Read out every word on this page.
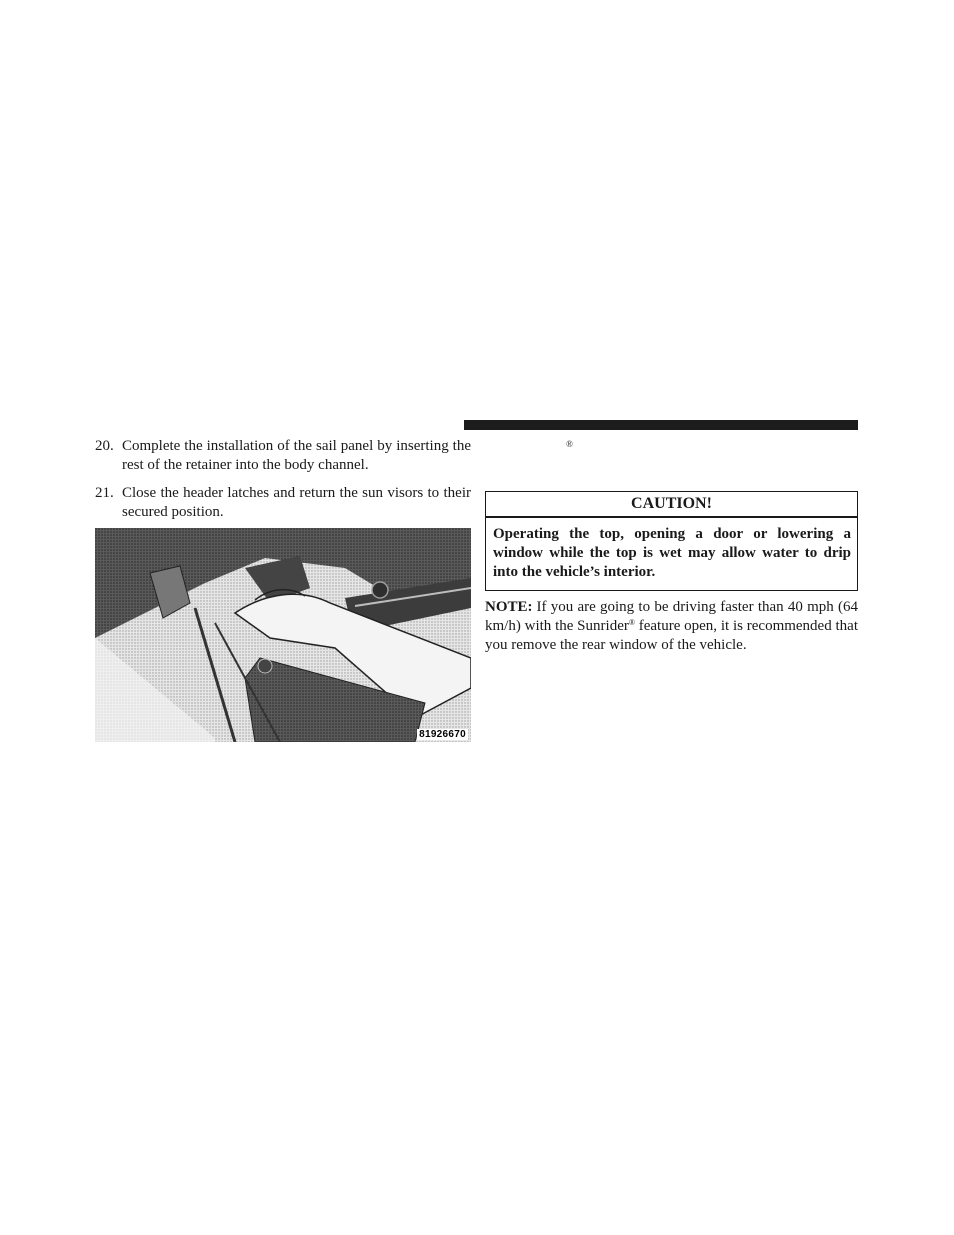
20. Complete the installation of the sail panel by inserting the rest of the retainer into the body channel.

21. Close the header latches and return the sun visors to their secured position.

81926670
®
CAUTION!
Operating the top, opening a door or lowering a window while the top is wet may allow water to drip into the vehicle’s interior.

NOTE: If you are going to be driving faster than 40 mph (64 km/h) with the Sunrider® feature open, it is recommended that you remove the rear window of the vehicle.
